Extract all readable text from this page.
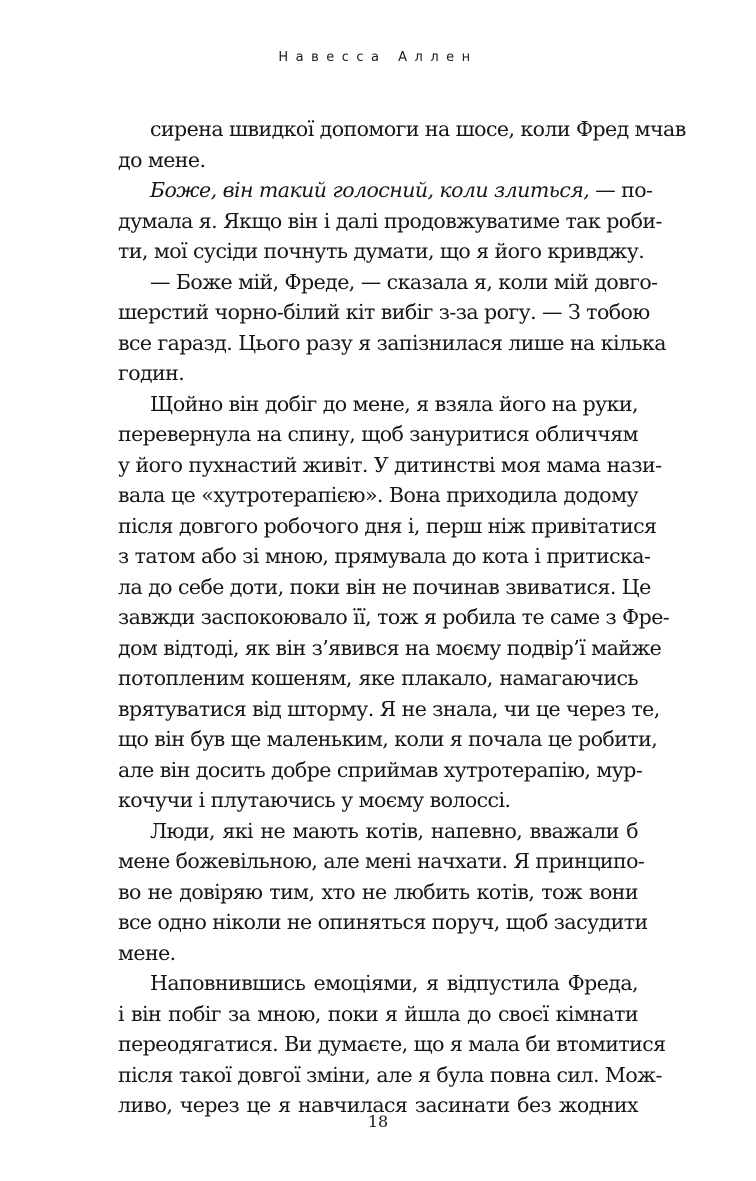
Навесса Аллен
сирена швидкої допомоги на шосе, коли Фред мчав
до мене.
Боже, він такий голосний, коли злиться, — по-
думала я. Якщо він і далі продовжуватиме так роби-
ти, мої сусіди почнуть думати, що я його кривджу.
— Боже мій, Фреде, — сказала я, коли мій довго-
шерстий чорно-білий кіт вибіг з-за рогу. — З тобою
все гаразд. Цього разу я запізнилася лише на кілька
годин.
Щойно він добіг до мене, я взяла його на руки,
перевернула на спину, щоб зануритися обличчям
у його пухнастий живіт. У дитинстві моя мама нази-
вала це «хутротерапією». Вона приходила додому
після довгого робочого дня і, перш ніж привітатися
з татом або зі мною, прямувала до кота і притиска-
ла до себе доти, поки він не починав звиватися. Це
завжди заспокоювало її, тож я робила те саме з Фре-
дом відтоді, як він з’явився на моєму подвір’ї майже
потопленим кошеням, яке плакало, намагаючись
врятуватися від шторму. Я не знала, чи це через те,
що він був ще маленьким, коли я почала це робити,
але він досить добре сприймав хутротерапію, мур-
кочучи і плутаючись у моєму волоссі.
Люди, які не мають котів, напевно, вважали б
мене божевільною, але мені начхати. Я принципо-
во не довіряю тим, хто не любить котів, тож вони
все одно ніколи не опиняться поруч, щоб засудити
мене.
Наповнившись емоціями, я відпустила Фреда,
і він побіг за мною, поки я йшла до своєї кімнати
переодягатися. Ви думаєте, що я мала би втомитися
після такої довгої зміни, але я була повна сил. Мож-
ливо, через це я навчилася засинати без жодних
18
